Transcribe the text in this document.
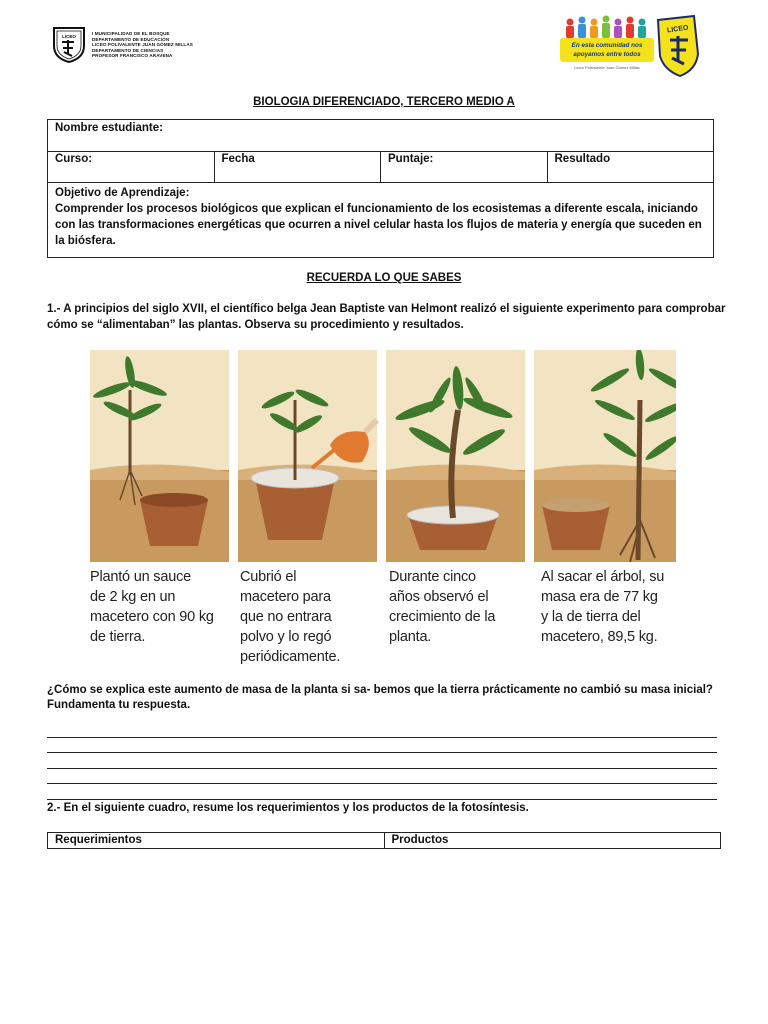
LICEO
I MUNICIPALIDAD DE EL BOSQUE
DEPARTAMENTO DE EDUCACIÓN
LICEO POLIVALENTE JUAN GÓMEZ MILLAS
DEPARTAMENTO DE CIENCIAS
PROFESOR FRANCISCO ARAVENA
En esta comunidad nos
apoyamos entre todos
Liceo Polivalente Juan Gómez Millas
LICEO
BIOLOGIA DIFERENCIADO, TERCERO MEDIO A
Nombre estudiante:
Curso:	Fecha	Puntaje:	Resultado
Objetivo de Aprendizaje:
Comprender los procesos biológicos que explican el funcionamiento de los ecosistemas a diferente escala, iniciando con las transformaciones energéticas que ocurren a nivel celular hasta los flujos de materia y energía que suceden en la biósfera.
RECUERDA LO QUE SABES
1.- A principios del siglo XVII, el científico belga Jean Baptiste van Helmont realizó el siguiente experimento para comprobar cómo se “alimentaban” las plantas. Observa su procedimiento y resultados.
Plantó un sauce
de 2 kg en un
macetero con 90 kg
de tierra.
Cubrió el
macetero para
que no entrara
polvo y lo regó
periódicamente.
Durante cinco
años observó el
crecimiento de la
planta.
Al sacar el árbol, su
masa era de 77 kg
y la de tierra del
macetero, 89,5 kg.
¿Cómo se explica este aumento de masa de la planta si sa- bemos que la tierra prácticamente no cambió su masa inicial? Fundamenta tu respuesta.
2.- En el siguiente cuadro, resume los requerimientos y los productos de la fotosíntesis.
Requerimientos	Productos
